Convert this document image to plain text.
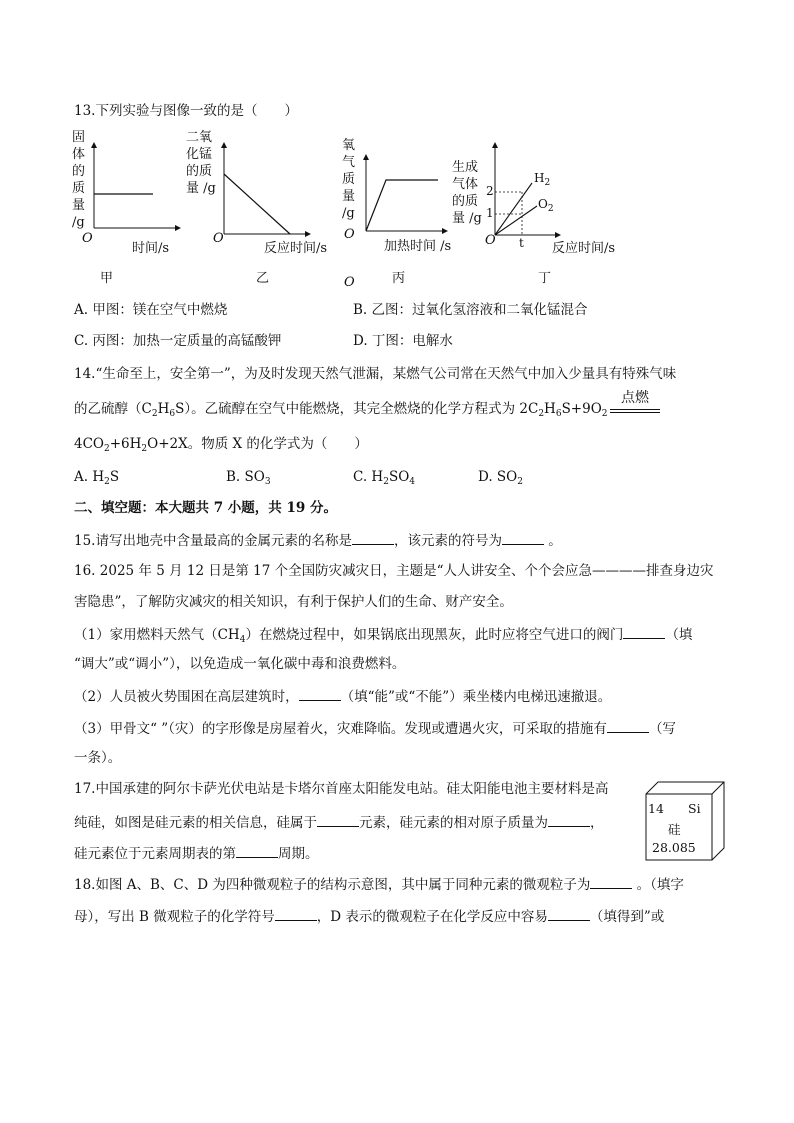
13.下列实验与图像一致的是（　　）
固
体
的
质
量
/g
O
时间/s
甲
二氧
化锰
的质
量 /g
O
反应时间/s
乙
氧
气
质
量
/g
O
加热时间 /s
丙
O
生成
气体
的质
量 /g
2
1
t
O
$H_2$
$O_2$
反应时间/s
丁
A. 甲图：镁在空气中燃烧	B. 乙图：过氧化氢溶液和二氧化锰混合
C. 丙图：加热一定质量的高锰酸钾	D. 丁图：电解水
14.“生命至上，安全第一”，为及时发现天然气泄漏，某燃气公司常在天然气中加入少量具有特殊气味
的乙硫醇$(C_2H_6S)$。乙硫醇在空气中能燃烧，其完全燃烧的化学方程式为 $2C_2H_6S+9O_2$
点燃
$4CO_2+6H_2O+2X$。物质 X 的化学式为（　　）
A. $H_2S$	B. $SO_3$	C. $H_2SO_4$	D. $SO_2$
二、填空题：本大题共 7 小题，共 19 分。
15.请写出地壳中含量最高的金属元素的名称是	，该元素的符号为	。
16. 2025 年 5 月 12 日是第 17 个全国防灾减灾日，主题是“人人讲安全、个个会应急————排查身边灾
害隐患”，了解防灾减灾的相关知识，有利于保护人们的生命、财产安全。
（1）家用燃料天然气$(CH_4)$在燃烧过程中，如果锅底出现黑灰，此时应将空气进口的阀门	（填
“调大”或“调小”），以免造成一氧化碳中毒和浪费燃料。
（2）人员被火势围困在高层建筑时，	（填“能”或“不能”）乘坐楼内电梯迅速撤退。
（3）甲骨文“ ”（灾）的字形像是房屋着火，灾难降临。发现或遭遇火灾，可采取的措施有	（写
一条）。
17.中国承建的阿尔卡萨光伏电站是卡塔尔首座太阳能发电站。硅太阳能电池主要材料是高
纯硅，如图是硅元素的相关信息，硅属于	元素，硅元素的相对原子质量为	，
硅元素位于元素周期表的第	周期。
14 Si
硅
28.085
18.如图 A、B、C、D 为四种微观粒子的结构示意图，其中属于同种元素的微观粒子为	。（填字
母），写出 B 微观粒子的化学符号	，D 表示的微观粒子在化学反应中容易	（填得到”或
